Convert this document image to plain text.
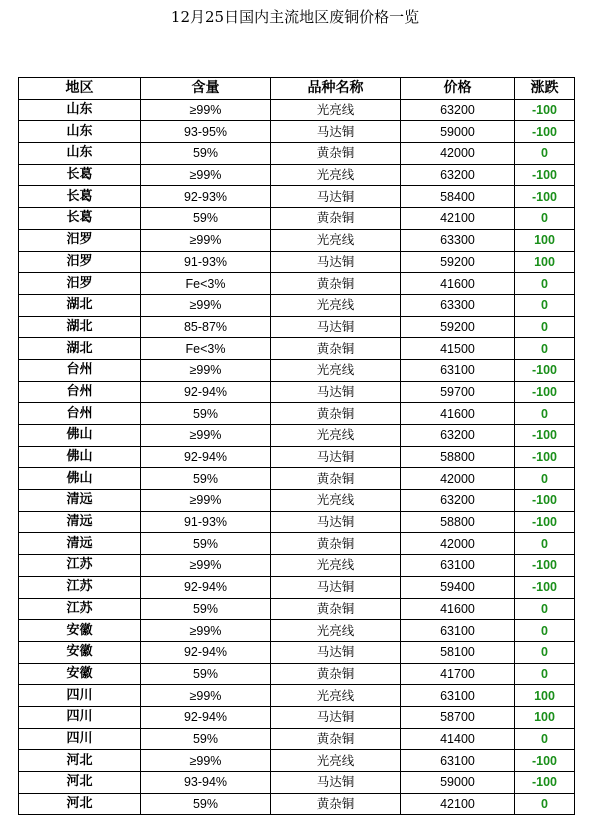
12月25日国内主流地区废铜价格一览
地区	含量	品种名称	价格	涨跌
山东	≥99%	光亮线	63200	-100
山东	93-95%	马达铜	59000	-100
山东	59%	黄杂铜	42000	0
长葛	≥99%	光亮线	63200	-100
长葛	92-93%	马达铜	58400	-100
长葛	59%	黄杂铜	42100	0
汨罗	≥99%	光亮线	63300	100
汨罗	91-93%	马达铜	59200	100
汨罗	Fe<3%	黄杂铜	41600	0
湖北	≥99%	光亮线	63300	0
湖北	85-87%	马达铜	59200	0
湖北	Fe<3%	黄杂铜	41500	0
台州	≥99%	光亮线	63100	-100
台州	92-94%	马达铜	59700	-100
台州	59%	黄杂铜	41600	0
佛山	≥99%	光亮线	63200	-100
佛山	92-94%	马达铜	58800	-100
佛山	59%	黄杂铜	42000	0
清远	≥99%	光亮线	63200	-100
清远	91-93%	马达铜	58800	-100
清远	59%	黄杂铜	42000	0
江苏	≥99%	光亮线	63100	-100
江苏	92-94%	马达铜	59400	-100
江苏	59%	黄杂铜	41600	0
安徽	≥99%	光亮线	63100	0
安徽	92-94%	马达铜	58100	0
安徽	59%	黄杂铜	41700	0
四川	≥99%	光亮线	63100	100
四川	92-94%	马达铜	58700	100
四川	59%	黄杂铜	41400	0
河北	≥99%	光亮线	63100	-100
河北	93-94%	马达铜	59000	-100
河北	59%	黄杂铜	42100	0
